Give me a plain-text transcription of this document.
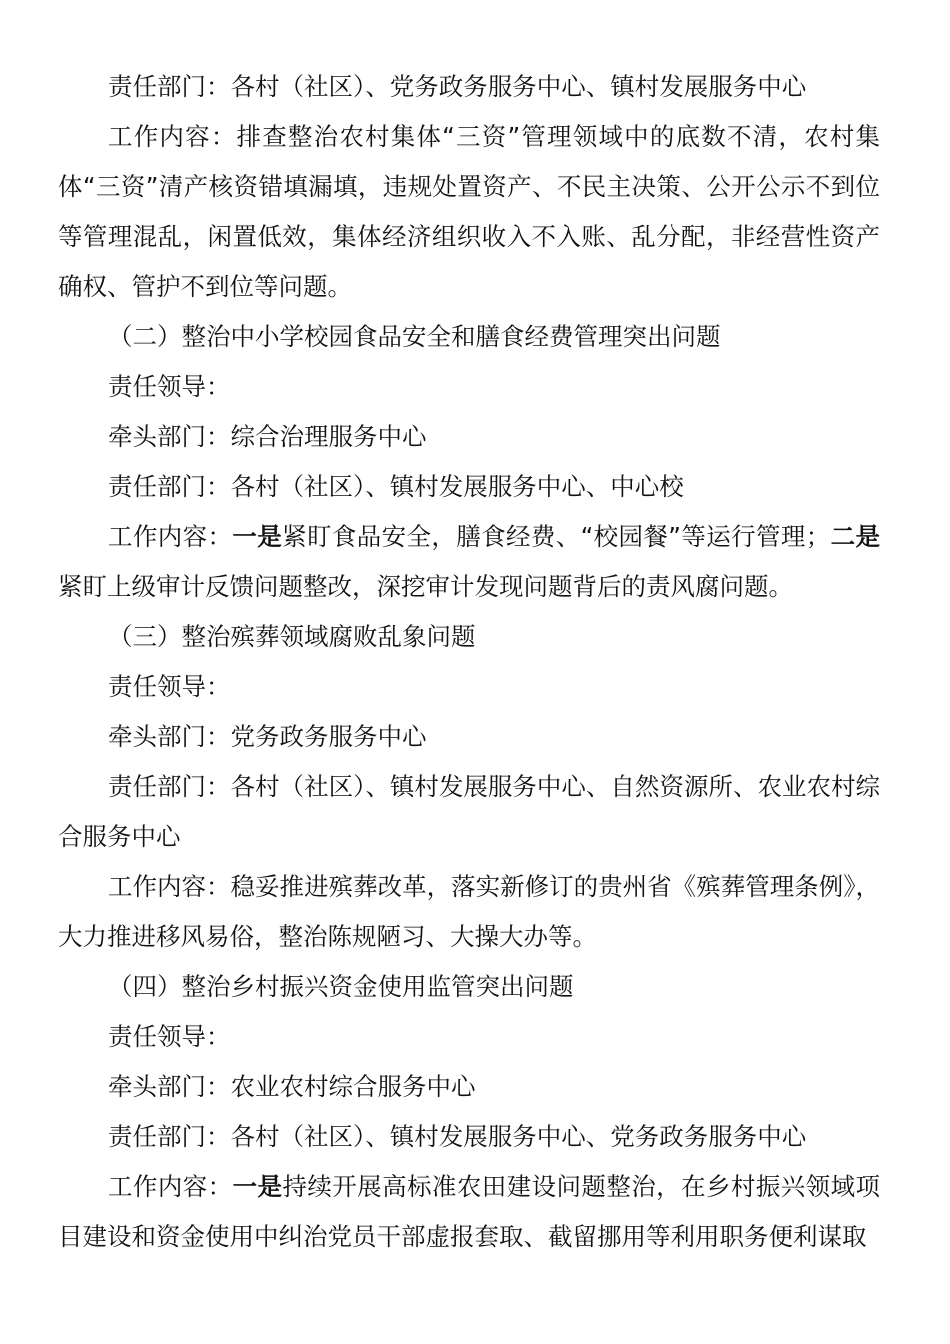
责任部门：各村（社区）、党务政务服务中心、镇村发展服务中心

工作内容：排查整治农村集体“三资”管理领域中的底数不清，农村集体“三资”清产核资错填漏填，违规处置资产、不民主决策、公开公示不到位等管理混乱，闲置低效，集体经济组织收入不入账、乱分配，非经营性资产确权、管护不到位等问题。

（二）整治中小学校园食品安全和膳食经费管理突出问题

责任领导：

牵头部门：综合治理服务中心

责任部门：各村（社区）、镇村发展服务中心、中心校

工作内容：一是紧盯食品安全，膳食经费、“校园餐”等运行管理；二是紧盯上级审计反馈问题整改，深挖审计发现问题背后的责风腐问题。

（三）整治殡葬领域腐败乱象问题

责任领导：

牵头部门：党务政务服务中心

责任部门：各村（社区）、镇村发展服务中心、自然资源所、农业农村综合服务中心

工作内容：稳妥推进殡葬改革，落实新修订的贵州省《殡葬管理条例》，大力推进移风易俗，整治陈规陋习、大操大办等。

（四）整治乡村振兴资金使用监管突出问题

责任领导：

牵头部门：农业农村综合服务中心

责任部门：各村（社区）、镇村发展服务中心、党务政务服务中心

工作内容：一是持续开展高标准农田建设问题整治，在乡村振兴领域项目建设和资金使用中纠治党员干部虚报套取、截留挪用等利用职务便利谋取
